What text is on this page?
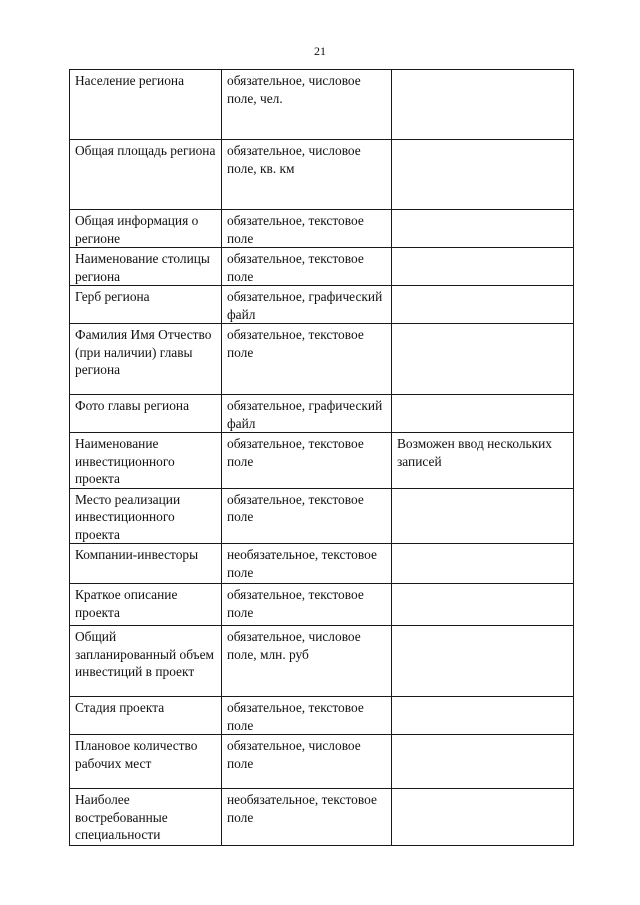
21
Население региона	обязательное, числовое поле, чел.	
Общая площадь региона	обязательное, числовое поле, кв. км	
Общая информация о регионе	обязательное, текстовое поле	
Наименование столицы региона	обязательное, текстовое поле	
Герб региона	обязательное, графический файл	
Фамилия Имя Отчество (при наличии) главы региона	обязательное, текстовое поле	
Фото главы региона	обязательное, графический файл	
Наименование инвестиционного проекта	обязательное, текстовое поле	Возможен ввод нескольких записей
Место реализации инвестиционного проекта	обязательное, текстовое поле	
Компании-инвесторы	необязательное, текстовое поле	
Краткое описание проекта	обязательное, текстовое поле	
Общий запланированный объем инвестиций в проект	обязательное, числовое поле, млн. руб	
Стадия проекта	обязательное, текстовое поле	
Плановое количество рабочих мест	обязательное, числовое поле	
Наиболее востребованные специальности	необязательное, текстовое поле	
